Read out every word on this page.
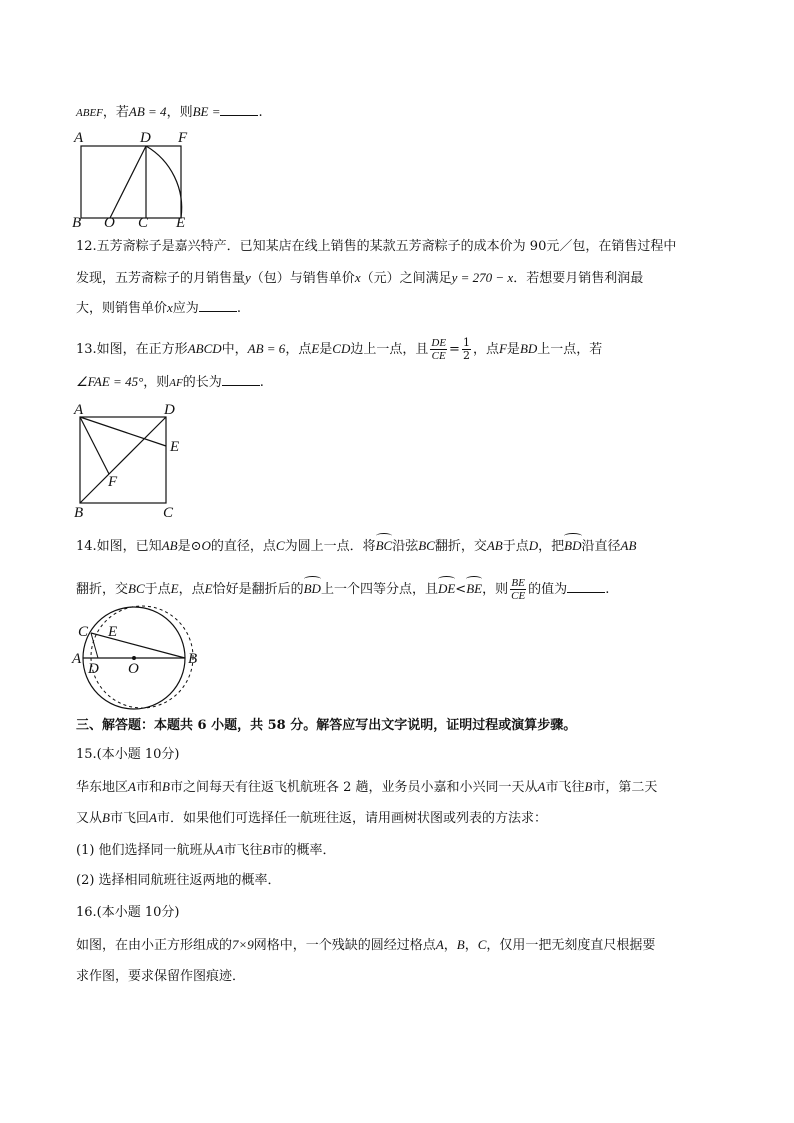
ABEF，若AB = 4，则BE =	.
A	D F
B O C E
12.五芳斋粽子是嘉兴特产．已知某店在线上销售的某款五芳斋粽子的成本价为 90元／包，在销售过程中
发现，五芳斋粽子的月销售量y（包）与销售单价x（元）之间满足y = 270 − x．若想要月销售利润最
大，则销售单价x应为	.
13.如图，在正方形ABCD中，AB = 6，点E是CD边上一点，且 $\frac{DE}{CE} = \frac{1}{2}$ ，点F是BD上一点，若
∠FAE = 45°，则AF的长为	.
A	D
E
F
B	C
14.如图，已知AB是⊙O的直径，点C为圆上一点．将BC沿弦BC翻折，交AB于点D，把BD沿直径AB
翻折，交BC于点E，点E恰好是翻折后的BD上一个四等分点，且DE<BE，则 $\frac{BE}{CE}$ 的值为	.
C E
A
D O
B
三、解答题：本题共 6 小题，共 58 分。解答应写出文字说明，证明过程或演算步骤。
15.(本小题 10分)
华东地区A市和B市之间每天有往返飞机航班各 2 趟，业务员小嘉和小兴同一天从A市飞往B市，第二天
又从B市飞回A市．如果他们可选择任一航班往返，请用画树状图或列表的方法求：
(1) 他们选择同一航班从A市飞往B市的概率．
(2) 选择相同航班往返两地的概率．
16.(本小题 10分)
如图，在由小正方形组成的7×9网格中，一个残缺的圆经过格点A，B，C，仅用一把无刻度直尺根据要
求作图，要求保留作图痕迹．
